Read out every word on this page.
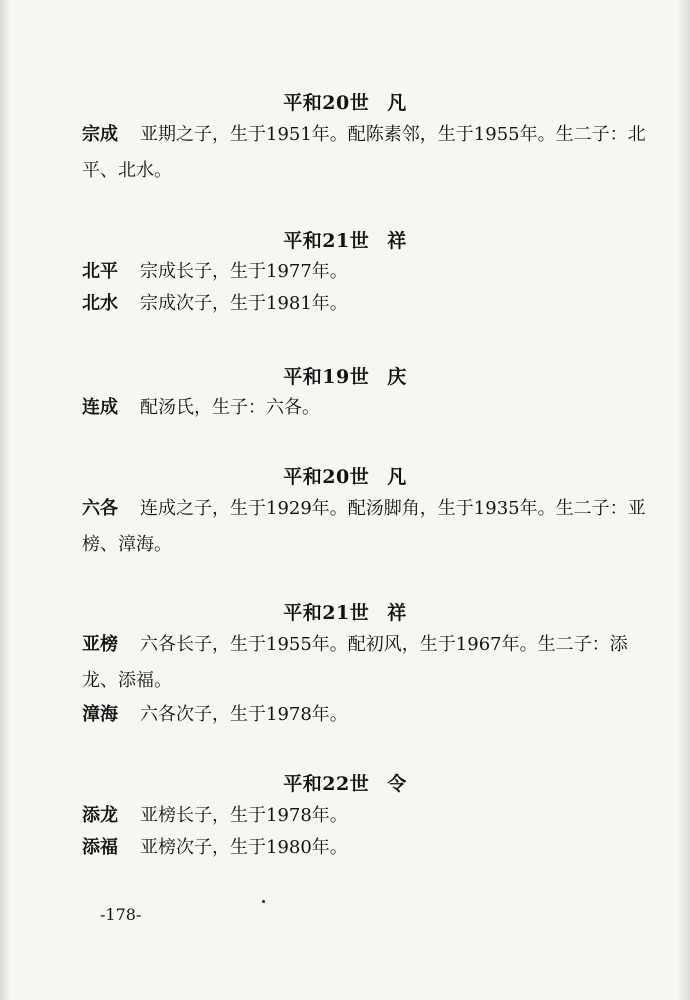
平和20世 凡
宗成	亚期之子，生于1951年。配陈素邻，生于1955年。生二子：北平、北水。
平和21世 祥
北平	宗成长子，生于1977年。
北水	宗成次子，生于1981年。
平和19世 庆
连成	配汤氏，生子：六各。
平和20世 凡
六各	连成之子，生于1929年。配汤脚角，生于1935年。生二子：亚榜、漳海。
平和21世 祥
亚榜	六各长子，生于1955年。配初风，生于1967年。生二子：添龙、添福。
漳海	六各次子，生于1978年。
平和22世 令
添龙	亚榜长子，生于1978年。
添福	亚榜次子，生于1980年。
-178-
